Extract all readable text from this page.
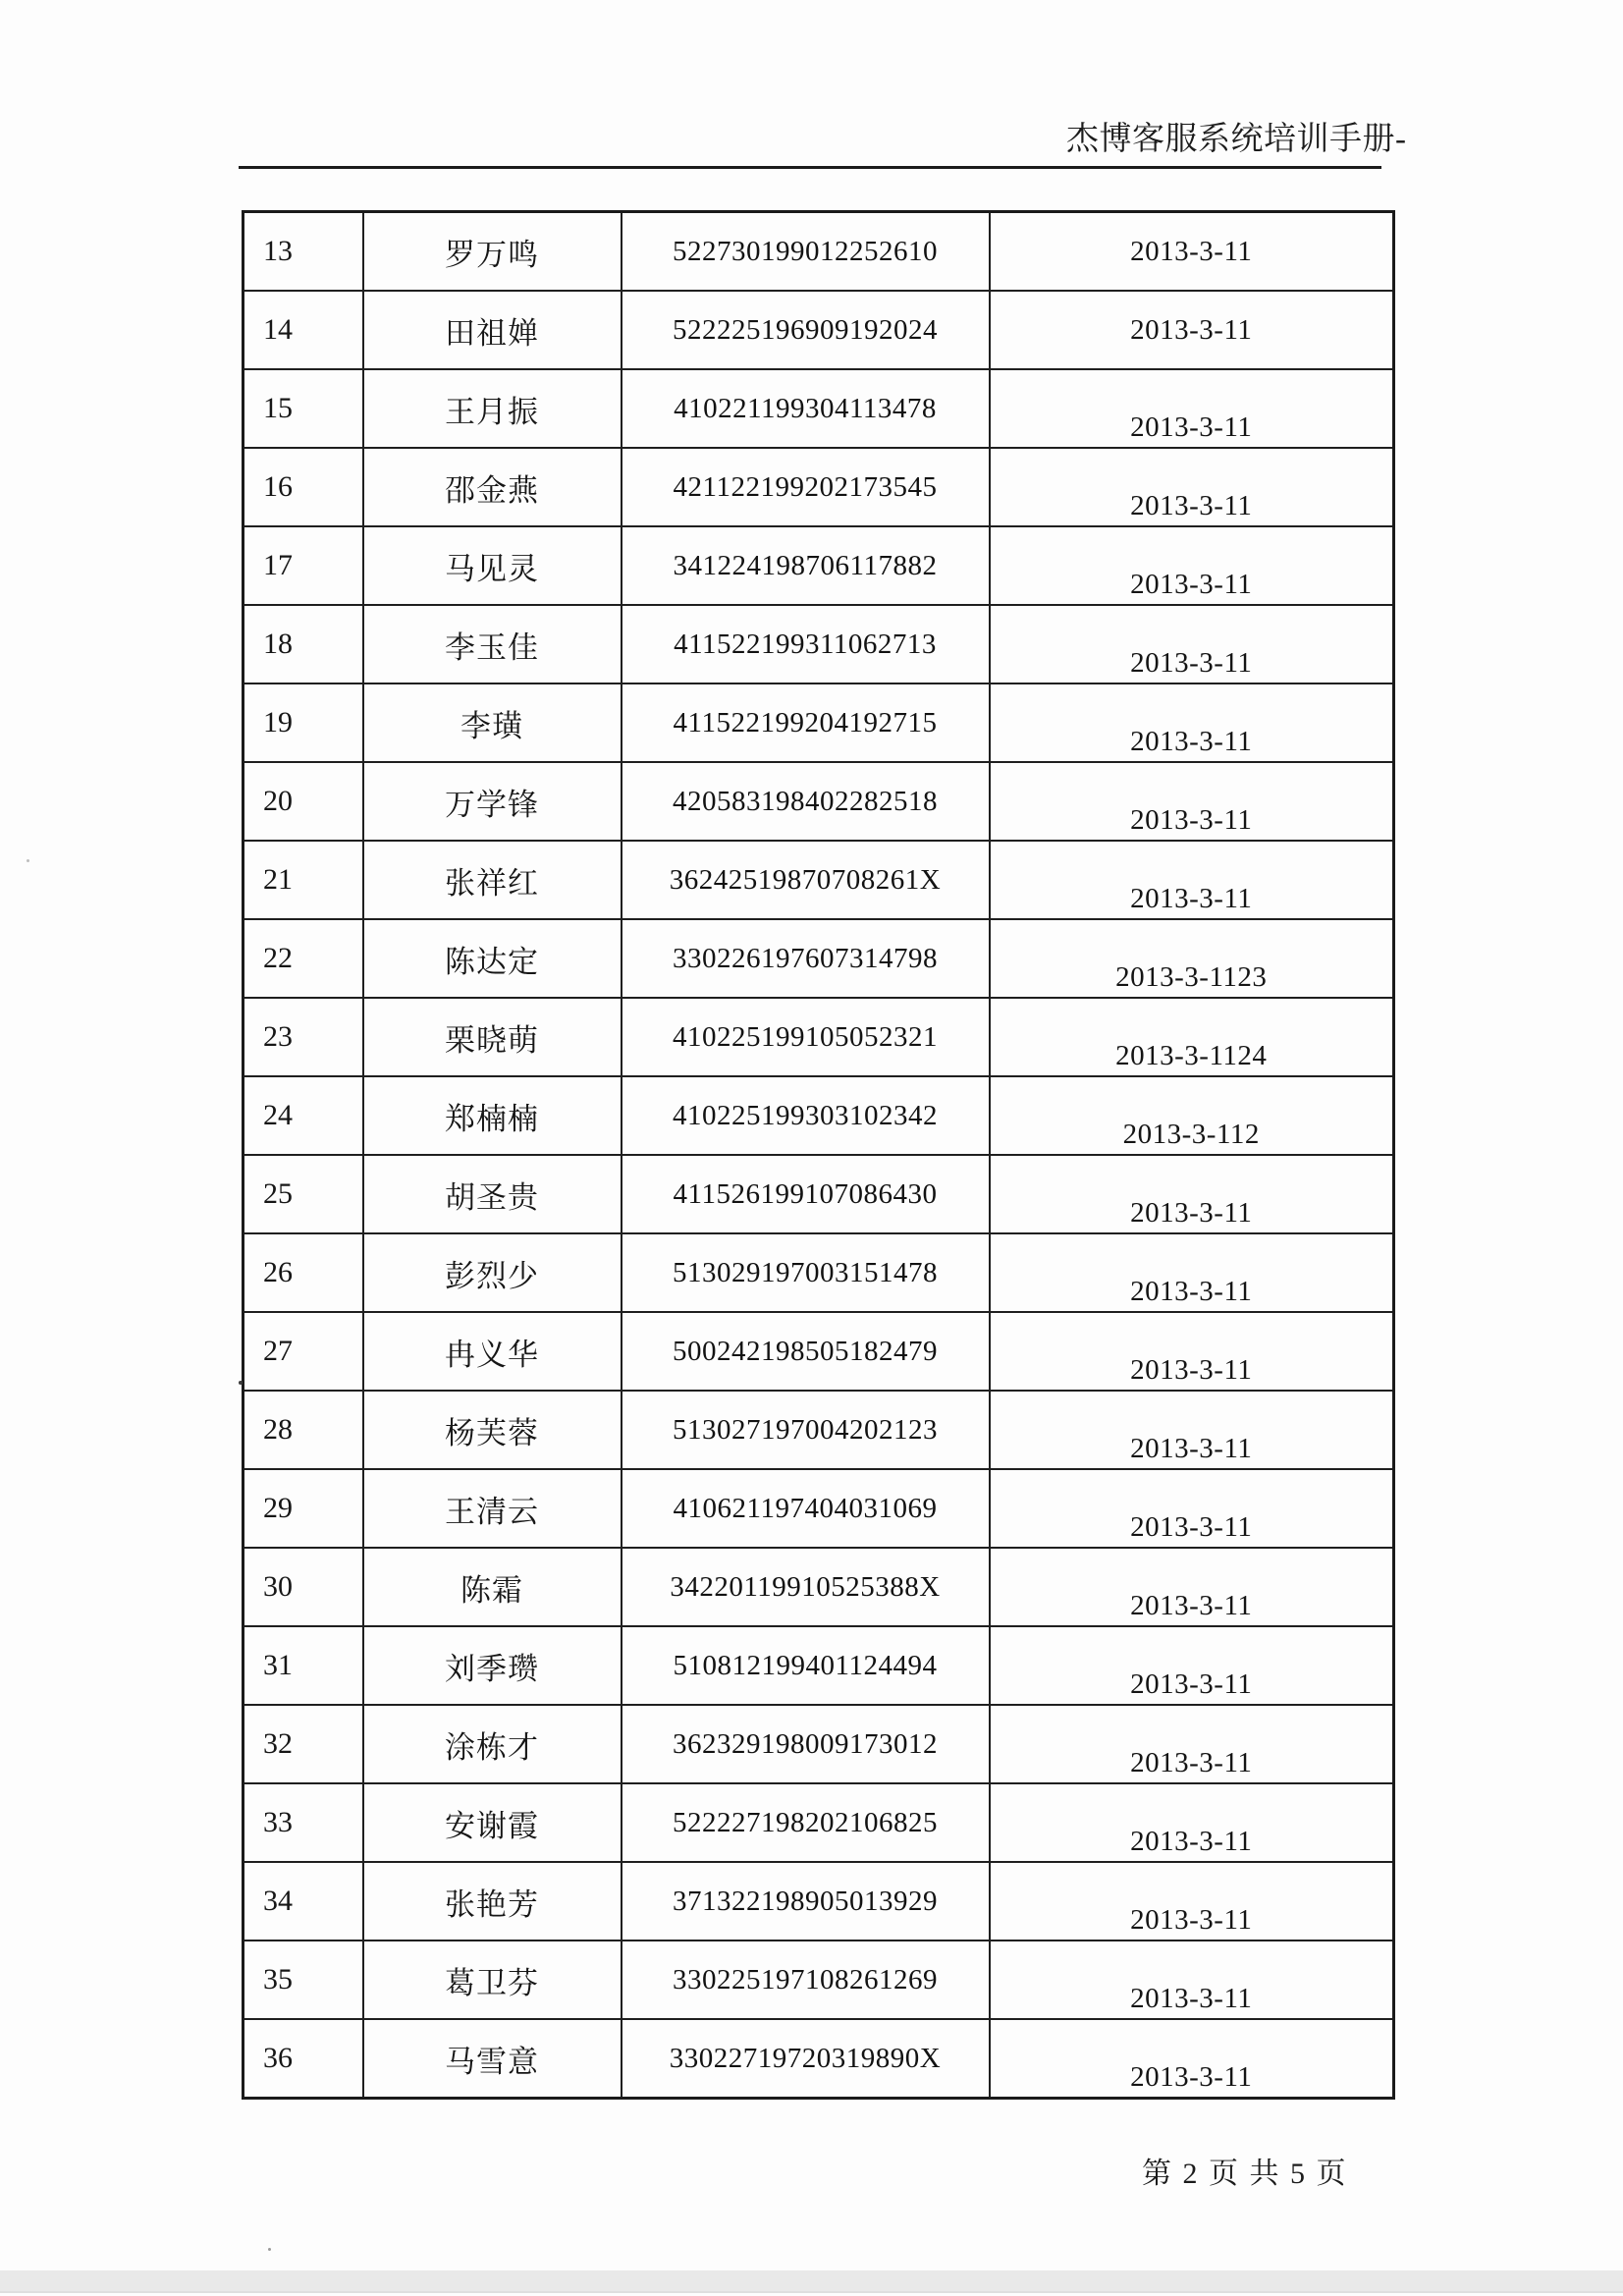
杰博客服系统培训手册-
13	罗万鸣	522730199012252610	2013-3-11

14	田祖婵	522225196909192024	2013-3-11

15	王月振	410221199304113478	2013-3-11

16	邵金燕	421122199202173545	2013-3-11

17	马见灵	341224198706117882	2013-3-11

18	李玉佳	411522199311062713	2013-3-11

19	李璜	411522199204192715	2013-3-11

20	万学锋	420583198402282518	2013-3-11

21	张祥红	36242519870708261X	2013-3-11

22	陈达定	330226197607314798	2013-3-1123

23	栗晓萌	410225199105052321	2013-3-1124

24	郑楠楠	410225199303102342	2013-3-112

25	胡圣贵	411526199107086430	2013-3-11

26	彭烈少	513029197003151478	2013-3-11

27	冉义华	500242198505182479	2013-3-11

28	杨芙蓉	513027197004202123	2013-3-11

29	王清云	410621197404031069	2013-3-11

30	陈霜	34220119910525388X	2013-3-11

31	刘季瓒	510812199401124494	2013-3-11

32	涂栋才	362329198009173012	2013-3-11

33	安谢霞	522227198202106825	2013-3-11

34	张艳芳	371322198905013929	2013-3-11

35	葛卫芬	330225197108261269	2013-3-11

36	马雪意	33022719720319890X	2013-3-11
第 2 页 共 5 页
